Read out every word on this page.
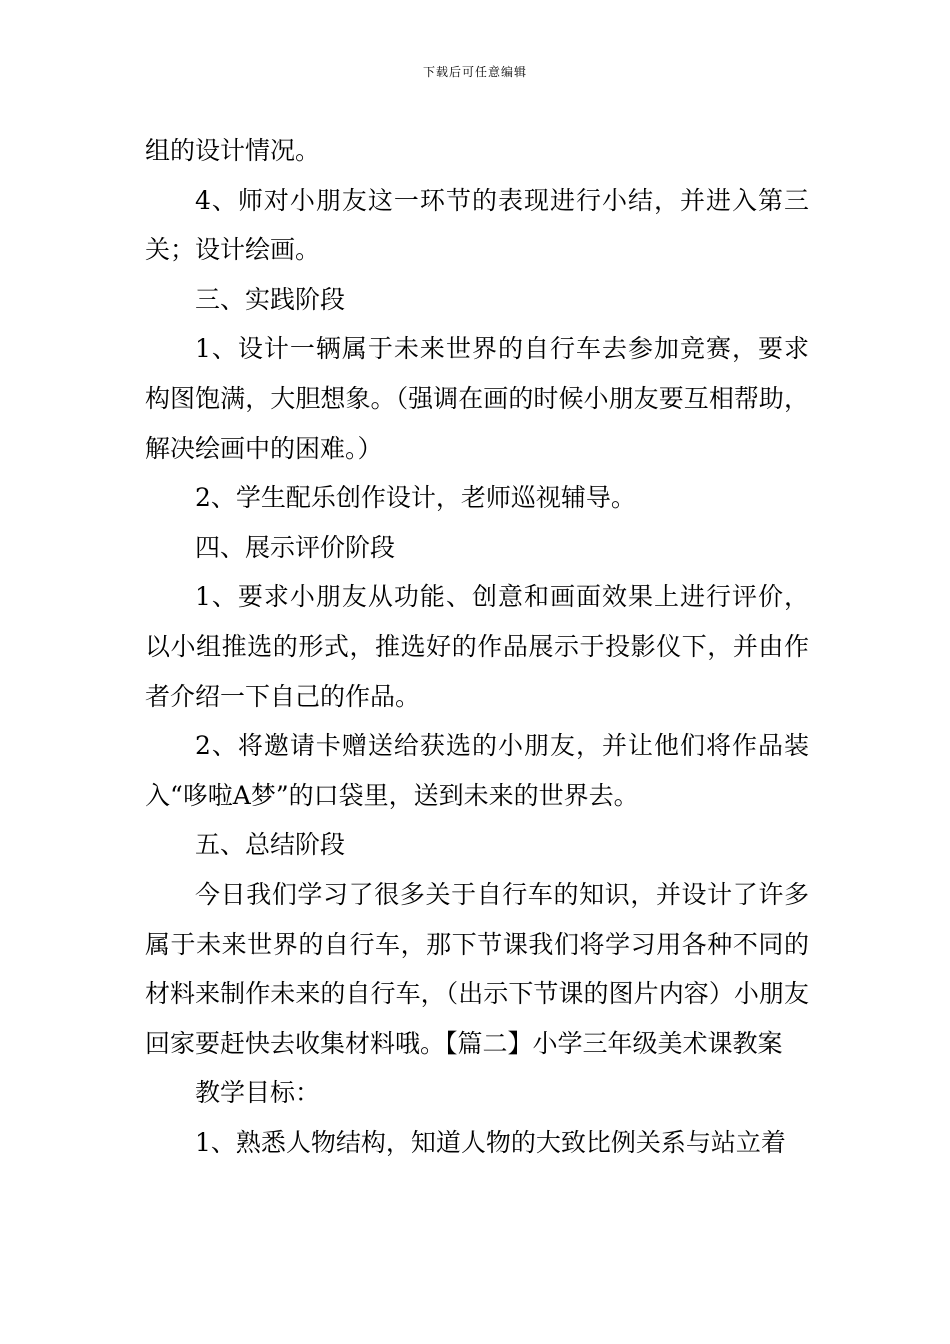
下载后可任意编辑

组的设计情况。

4、师对小朋友这一环节的表现进行小结，并进入第三关；设计绘画。

三、实践阶段

1、设计一辆属于未来世界的自行车去参加竞赛，要求构图饱满，大胆想象。（强调在画的时候小朋友要互相帮助，解决绘画中的困难。）

2、学生配乐创作设计，老师巡视辅导。

四、展示评价阶段

1、要求小朋友从功能、创意和画面效果上进行评价，以小组推选的形式，推选好的作品展示于投影仪下，并由作者介绍一下自己的作品。

2、将邀请卡赠送给获选的小朋友，并让他们将作品装入“哆啦A梦”的口袋里，送到未来的世界去。

五、总结阶段

今日我们学习了很多关于自行车的知识，并设计了许多属于未来世界的自行车，那下节课我们将学习用各种不同的材料来制作未来的自行车，（出示下节课的图片内容）小朋友回家要赶快去收集材料哦。【篇二】小学三年级美术课教案

教学目标：

1、熟悉人物结构，知道人物的大致比例关系与站立着
